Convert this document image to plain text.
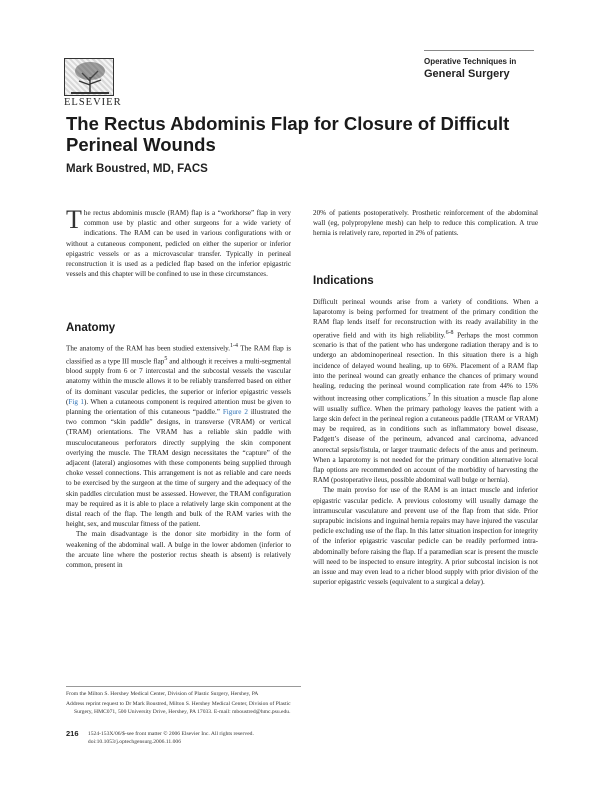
ELSEVIER
Operative Techniques in
General Surgery
The Rectus Abdominis Flap for Closure of Difficult Perineal Wounds
Mark Boustred, MD, FACS

The rectus abdominis muscle (RAM) flap is a “workhorse” flap in very common use by plastic and other surgeons for a wide variety of indications. The RAM can be used in various configurations with or without a cutaneous component, pedicled on either the superior or inferior epigastric vessels or as a microvascular transfer. Typically in perineal reconstruction it is used as a pedicled flap based on the inferior epigastric vessels and this chapter will be confined to use in these circumstances.

Anatomy

The anatomy of the RAM has been studied extensively.$^{1-4}$ The RAM flap is classified as a type III muscle flap$^5$ and although it receives a multi-segmental blood supply from 6 or 7 intercostal and the subcostal vessels the vascular anatomy within the muscle allows it to be reliably transferred based on either of its dominant vascular pedicles, the superior or inferior epigastric vessels (Fig 1). When a cutaneous component is required attention must be given to planning the orientation of this cutaneous “paddle.” Figure 2 illustrated the two common “skin paddle” designs, in transverse (VRAM) or vertical (TRAM) orientations. The VRAM has a reliable skin paddle with musculocutaneous perforators directly supplying the skin component overlying the muscle. The TRAM design necessitates the “capture” of the adjacent (lateral) angiosomes with these components being supplied through choke vessel connections. This arrangement is not as reliable and care needs to be exercised by the surgeon at the time of surgery and the adequacy of the skin paddles circulation must be assessed. However, the TRAM configuration may be required as it is able to place a relatively large skin component at the distal reach of the flap. The length and bulk of the RAM varies with the height, sex, and muscular fitness of the patient.

The main disadvantage is the donor site morbidity in the form of weakening of the abdominal wall. A bulge in the lower abdomen (inferior to the arcuate line where the posterior rectus sheath is absent) is relatively common, present in

20% of patients postoperatively. Prosthetic reinforcement of the abdominal wall (eg, polypropylene mesh) can help to reduce this complication. A true hernia is relatively rare, reported in 2% of patients.

Indications

Difficult perineal wounds arise from a variety of conditions. When a laparotomy is being performed for treatment of the primary condition the RAM flap lends itself for reconstruction with its ready availability in the operative field and with its high reliability.$^{6-8}$ Perhaps the most common scenario is that of the patient who has undergone radiation therapy and is to undergo an abdominoperineal resection. In this situation there is a high incidence of delayed wound healing, up to 66%. Placement of a RAM flap into the perineal wound can greatly enhance the chances of primary wound healing, reducing the perineal wound complication rate from 44% to 15% without increasing other complications.$^7$ In this situation a muscle flap alone will usually suffice. When the primary pathology leaves the patient with a large skin defect in the perineal region a cutaneous paddle (TRAM or VRAM) may be required, as in conditions such as inflammatory bowel disease, Padgett’s disease of the perineum, advanced anal carcinoma, advanced anorectal sepsis/fistula, or larger traumatic defects of the anus and perineum. When a laparotomy is not needed for the primary condition alternative local flap options are recommended on account of the morbidity of harvesting the RAM (postoperative ileus, possible abdominal wall bulge or hernia).

The main proviso for use of the RAM is an intact muscle and inferior epigastric vascular pedicle. A previous colostomy will usually damage the intramuscular vasculature and prevent use of the flap from that side. Prior suprapubic incisions and inguinal hernia repairs may have injured the vascular pedicle excluding use of the flap. In this latter situation inspection for integrity of the inferior epigastric vascular pedicle can be readily performed intra-abdominally before raising the flap. If a paramedian scar is present the muscle will need to be inspected to ensure integrity. A prior subcostal incision is not an issue and may even lead to a richer blood supply with prior division of the superior epigastric vessels (equivalent to a surgical a delay).

From the Milton S. Hershey Medical Center, Division of Plastic Surgery, Hershey, PA

Address reprint request to Dr Mark Boustred, Milton S. Hershey Medical Center, Division of Plastic Surgery, HMC071, 500 University Drive, Hershey, PA 17033. E-mail: mboustred@hmc.psu.edu.

216 1524-153X/06/$-see front matter © 2006 Elsevier Inc. All rights reserved.
doi:10.1053/j.optechgensurg.2006.11.006
